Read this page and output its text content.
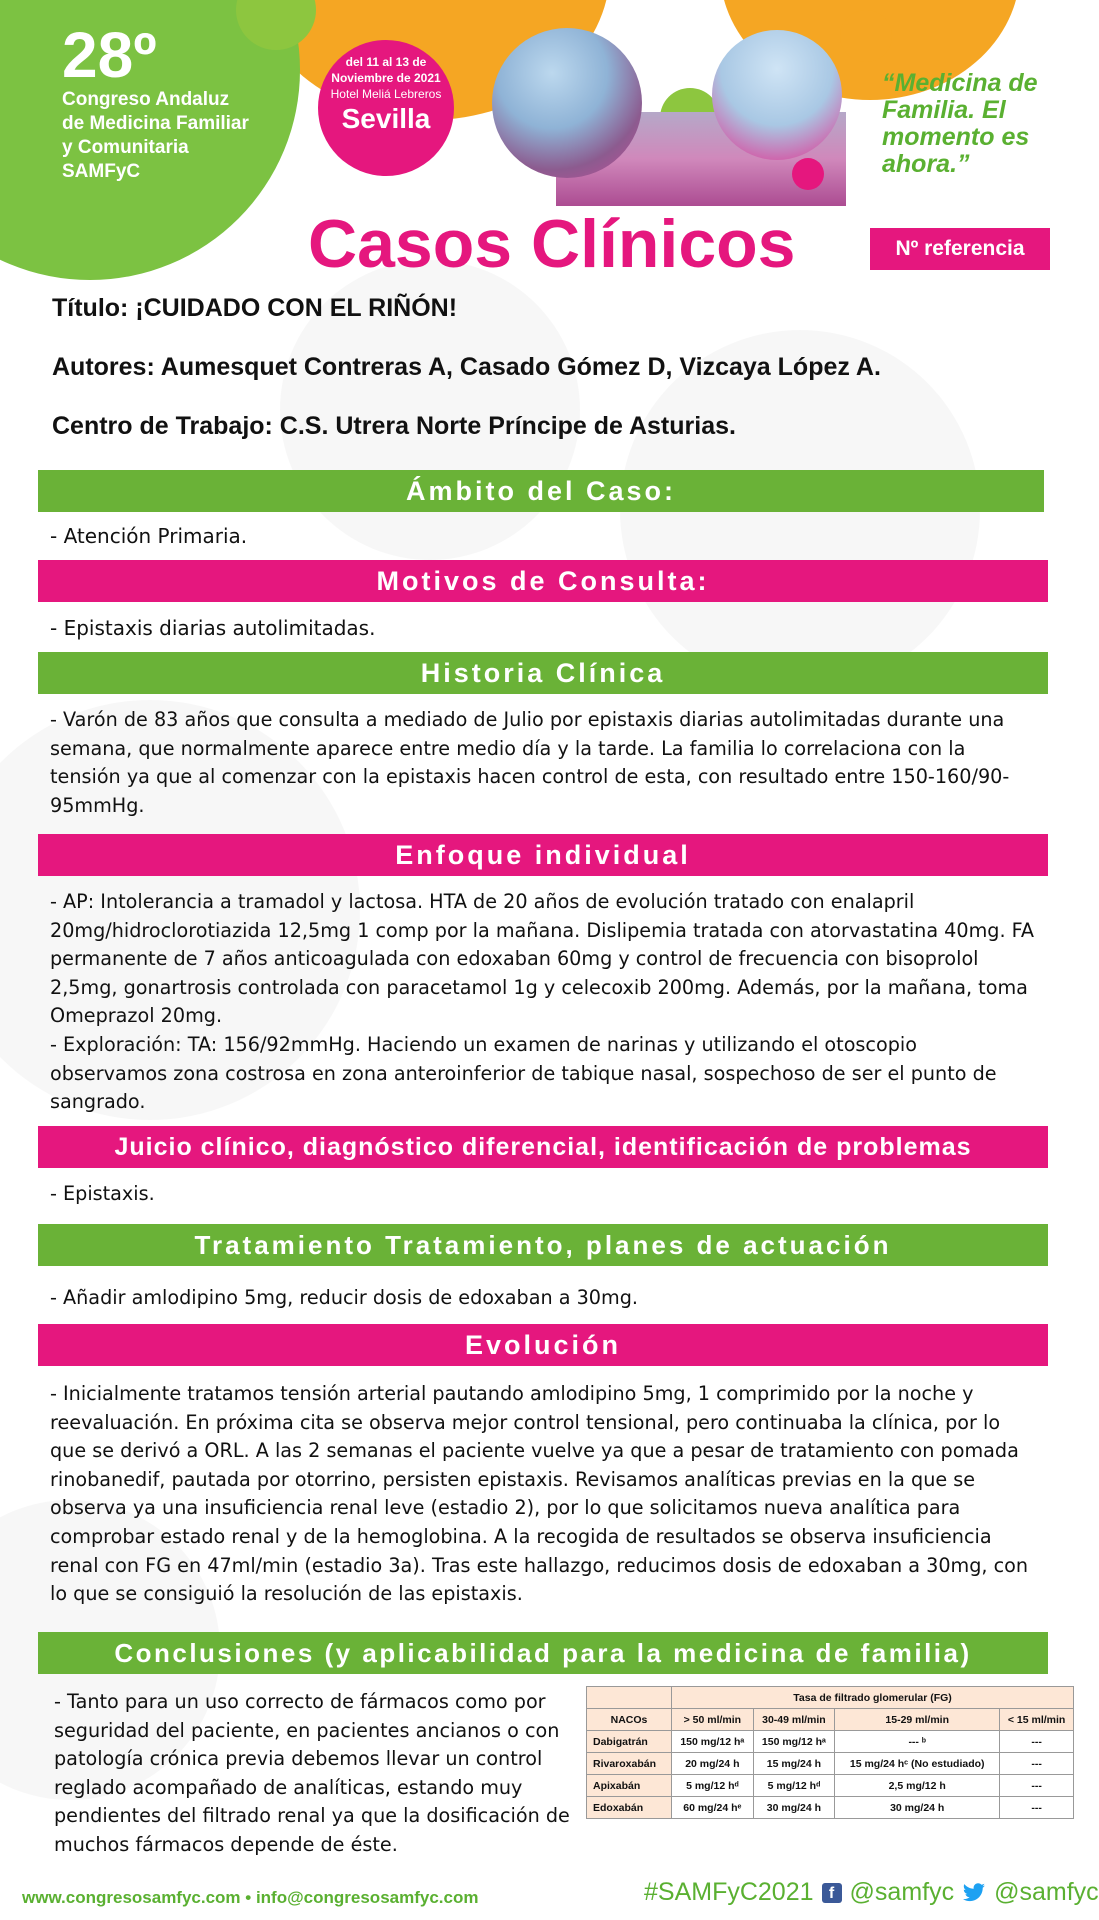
28º
Congreso Andaluz
de Medicina Familiar
y Comunitaria
SAMFyC
del 11 al 13 de
Noviembre de 2021
Hotel Meliá Lebreros
Sevilla
“Medicina de Familia. El momento es ahora.”
Casos Clínicos	Nº referencia
Título: ¡CUIDADO CON EL RIÑÓN!
Autores: Aumesquet Contreras A, Casado Gómez D, Vizcaya López A.
Centro de Trabajo: C.S. Utrera Norte Príncipe de Asturias.
Ámbito del Caso:
- Atención Primaria.
Motivos de Consulta:
- Epistaxis diarias autolimitadas.
Historia Clínica
- Varón de 83 años que consulta a mediado de Julio por epistaxis diarias autolimitadas durante una semana, que normalmente aparece entre medio día y la tarde. La familia lo correlaciona con la tensión ya que al comenzar con la epistaxis hacen control de esta, con resultado entre 150-160/90-95mmHg.
Enfoque individual
- AP: Intolerancia a tramadol y lactosa. HTA de 20 años de evolución tratado con enalapril 20mg/hidroclorotiazida 12,5mg 1 comp por la mañana. Dislipemia tratada con atorvastatina 40mg. FA permanente de 7 años anticoagulada con edoxaban 60mg y control de frecuencia con bisoprolol 2,5mg, gonartrosis controlada con paracetamol 1g y celecoxib 200mg. Además, por la mañana, toma Omeprazol 20mg.
- Exploración: TA: 156/92mmHg. Haciendo un examen de narinas y utilizando el otoscopio observamos zona costrosa en zona anteroinferior de tabique nasal, sospechoso de ser el punto de sangrado.
Juicio clínico, diagnóstico diferencial, identificación de problemas
- Epistaxis.
Tratamiento Tratamiento, planes de actuación
- Añadir amlodipino 5mg, reducir dosis de edoxaban a 30mg.
Evolución
- Inicialmente tratamos tensión arterial pautando amlodipino 5mg, 1 comprimido por la noche y reevaluación. En próxima cita se observa mejor control tensional, pero continuaba la clínica, por lo que se derivó a ORL. A las 2 semanas el paciente vuelve ya que a pesar de tratamiento con pomada rinobanedif, pautada por otorrino, persisten epistaxis. Revisamos analíticas previas en la que se observa ya una insuficiencia renal leve (estadio 2), por lo que solicitamos nueva analítica para comprobar estado renal y de la hemoglobina. A la recogida de resultados se observa insuficiencia renal con FG en 47ml/min (estadio 3a). Tras este hallazgo, reducimos dosis de edoxaban a 30mg, con lo que se consiguió la resolución de las epistaxis.
Conclusiones (y aplicabilidad para la medicina de familia)
- Tanto para un uso correcto de fármacos como por seguridad del paciente, en pacientes ancianos o con patología crónica previa debemos llevar un control reglado acompañado de analíticas, estando muy pendientes del filtrado renal ya que la dosificación de muchos fármacos depende de éste.
	Tasa de filtrado glomerular (FG)			
NACOs	> 50 ml/min	30-49 ml/min	15-29 ml/min	< 15 ml/min
Dabigatrán	150 mg/12 hᵃ	150 mg/12 hᵃ	--- ᵇ	---
Rivaroxabán	20 mg/24 h	15 mg/24 h	15 mg/24 hᶜ (No estudiado)	---
Apixabán	5 mg/12 hᵈ	5 mg/12 hᵈ	2,5 mg/12 h	---
Edoxabán	60 mg/24 hᵉ	30 mg/24 h	30 mg/24 h	---
www.congresosamfyc.com • info@congresosamfyc.com	#SAMFyC2021 f @samfyc @samfyc
